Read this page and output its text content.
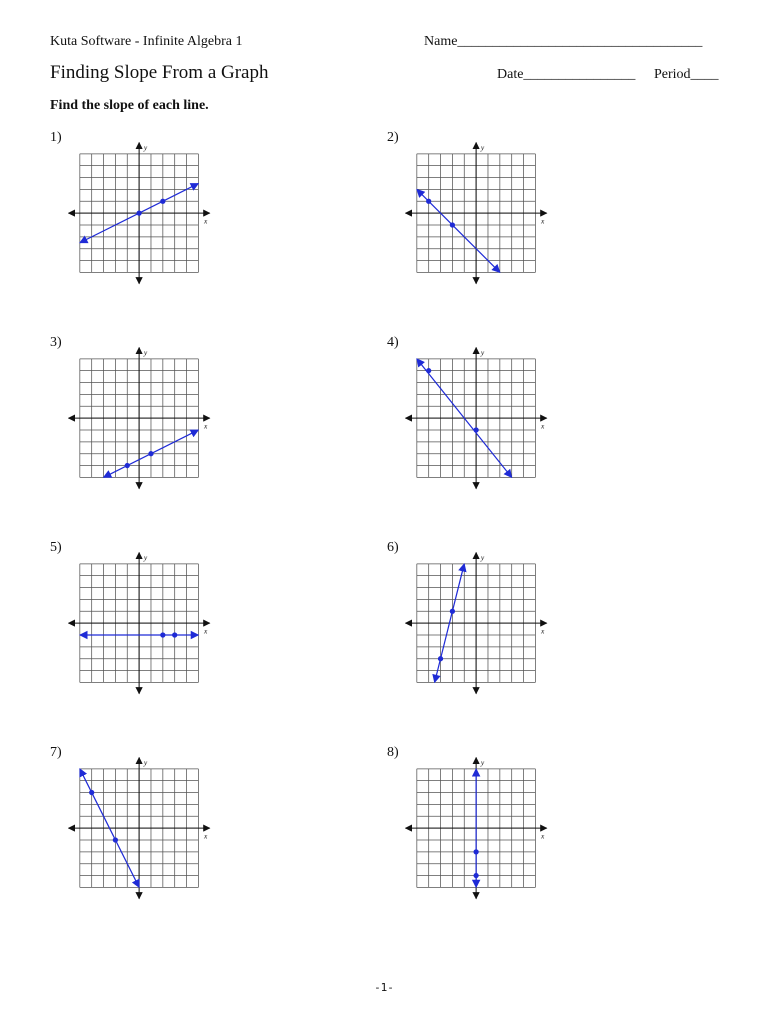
Kuta Software - Infinite Algebra 1	Name___________________________________
Finding Slope From a Graph	Date________________ Period____
Find the slope of each line.
1)
x
y
2)
x
y
3)
x
y
4)
x
y
5)
x
y
6)
x
y
7)
x
y
8)
x
y
-1-
